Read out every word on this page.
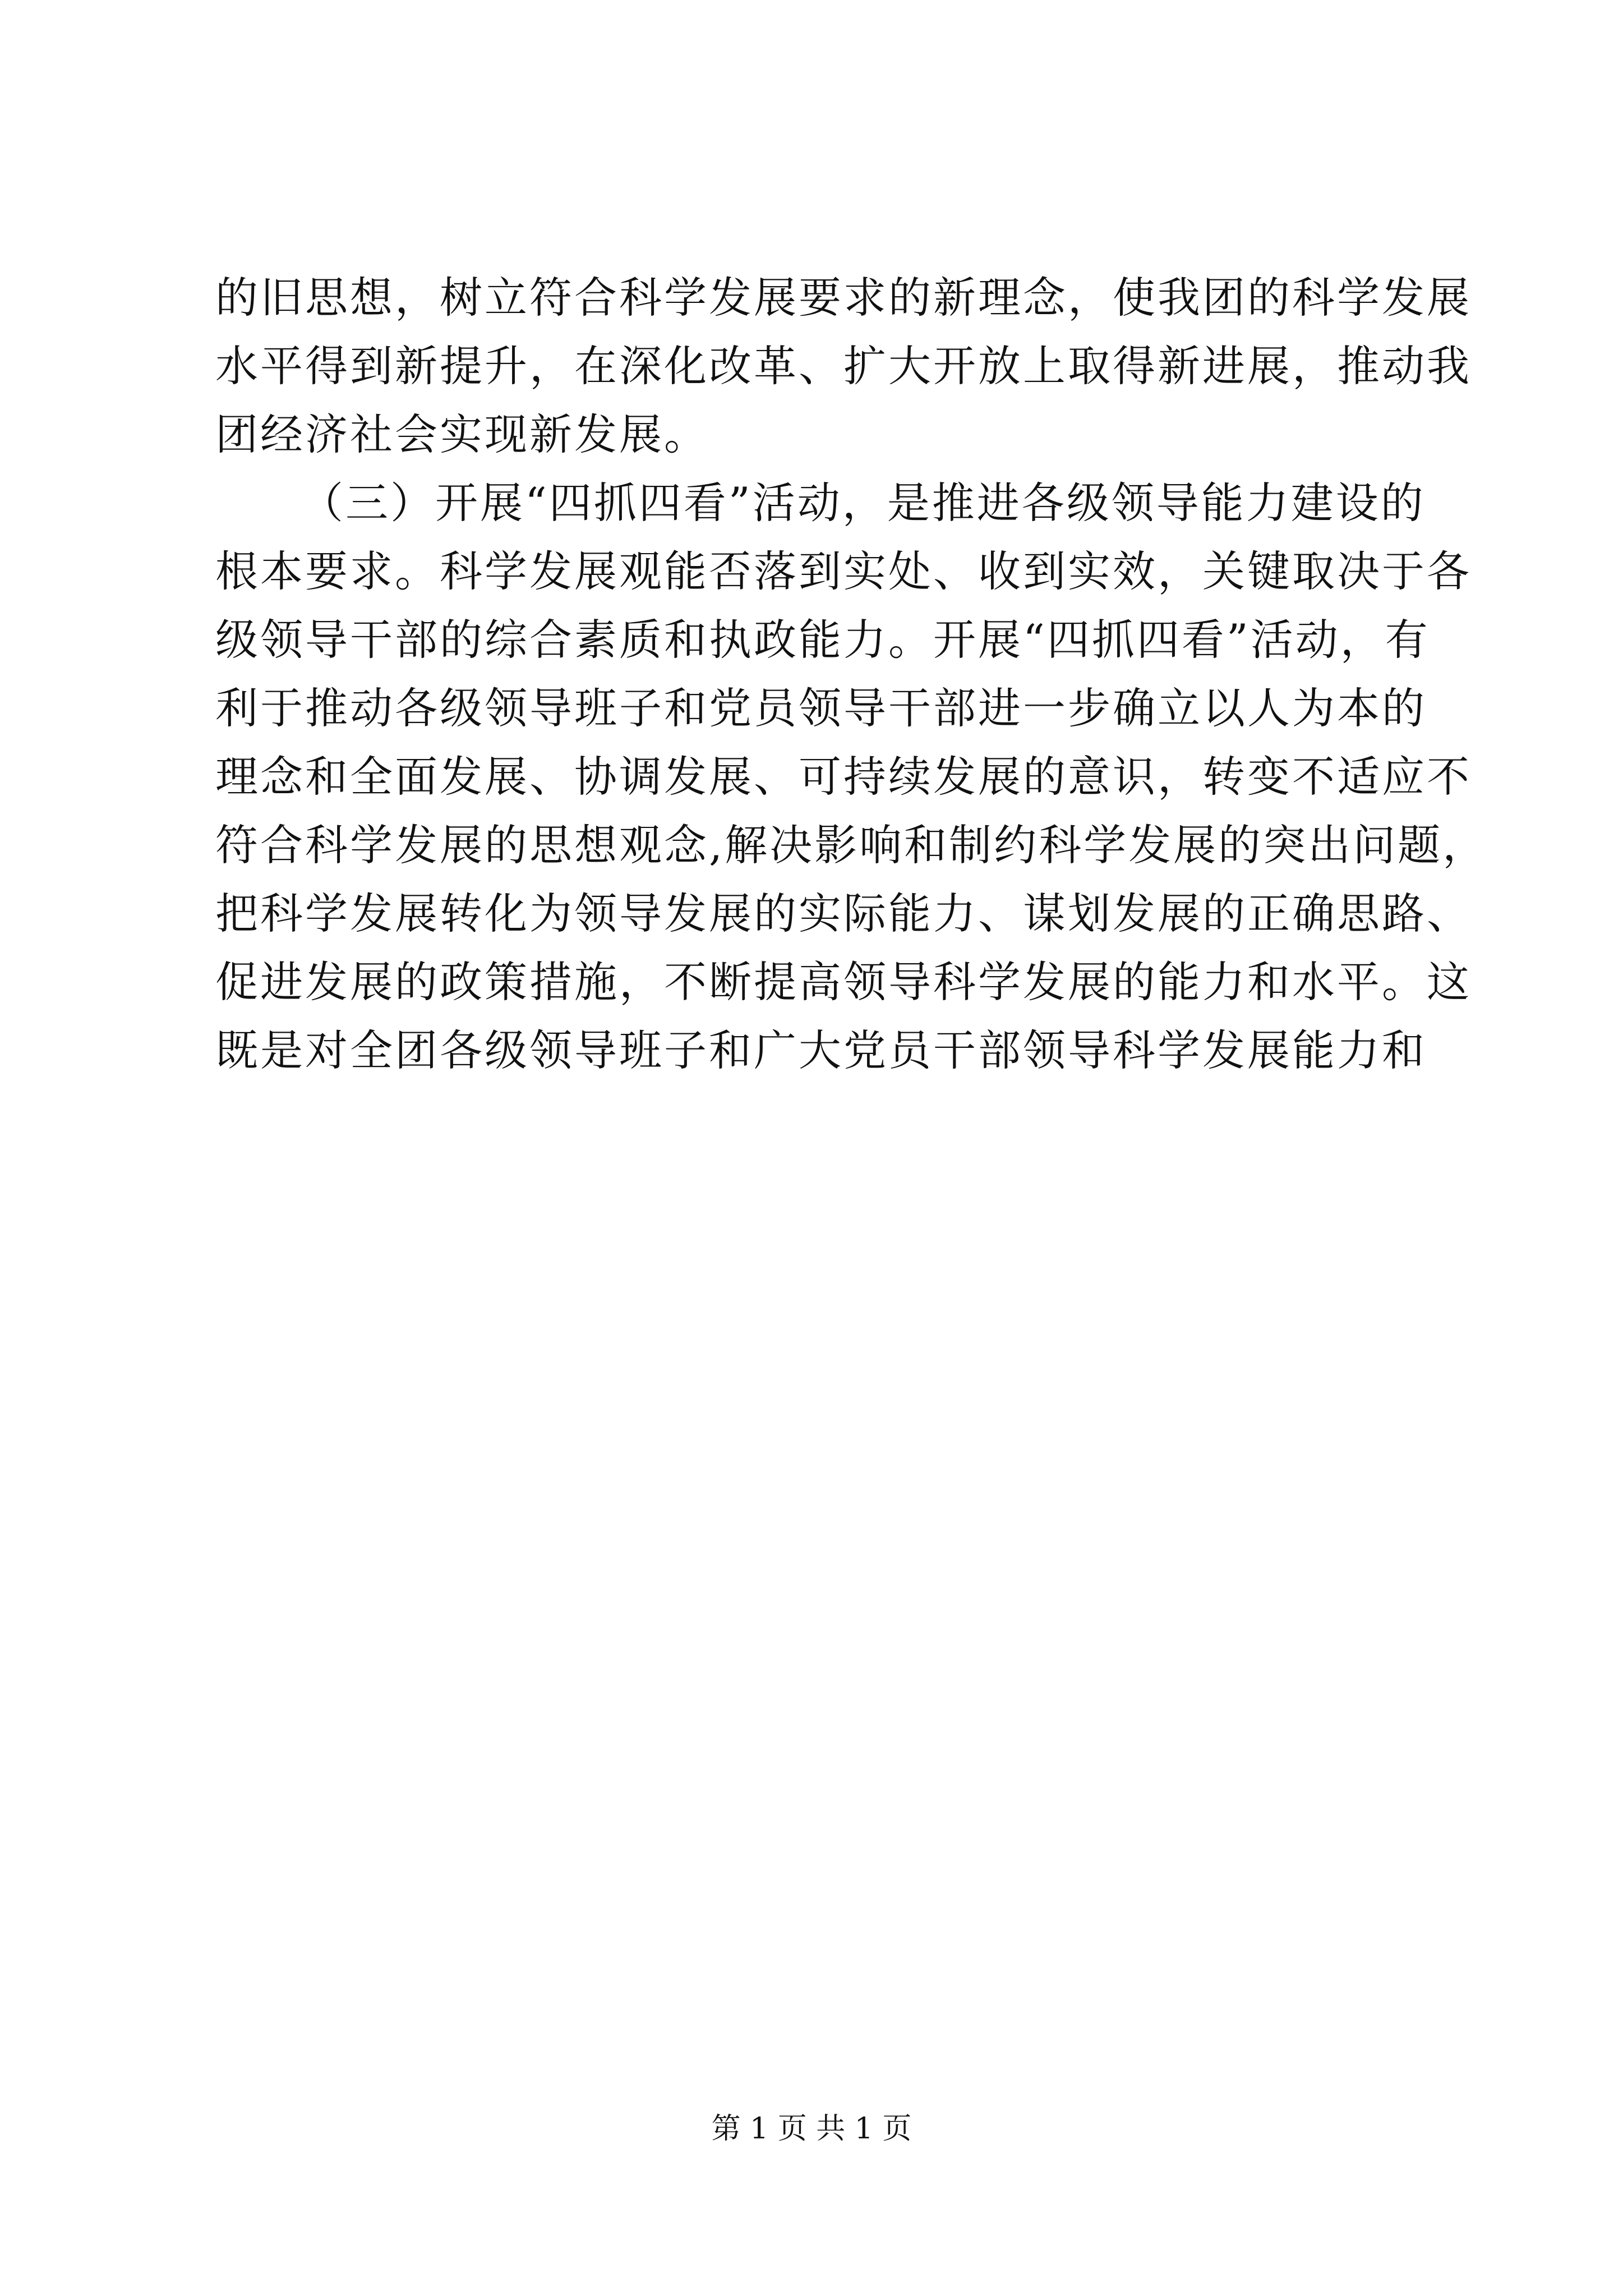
的旧思想，树立符合科学发展要求的新理念，使我团的科学发展
水平得到新提升，在深化改革、扩大开放上取得新进展，推动我
团经济社会实现新发展。
（三）开展“四抓四看”活动，是推进各级领导能力建设的
根本要求。科学发展观能否落到实处、收到实效，关键取决于各
级领导干部的综合素质和执政能力。开展“四抓四看”活动，有
利于推动各级领导班子和党员领导干部进一步确立以人为本的
理念和全面发展、协调发展、可持续发展的意识，转变不适应不
符合科学发展的思想观念,解决影响和制约科学发展的突出问题，
把科学发展转化为领导发展的实际能力、谋划发展的正确思路、
促进发展的政策措施，不断提高领导科学发展的能力和水平。这
既是对全团各级领导班子和广大党员干部领导科学发展能力和
第 1 页 共 1 页
